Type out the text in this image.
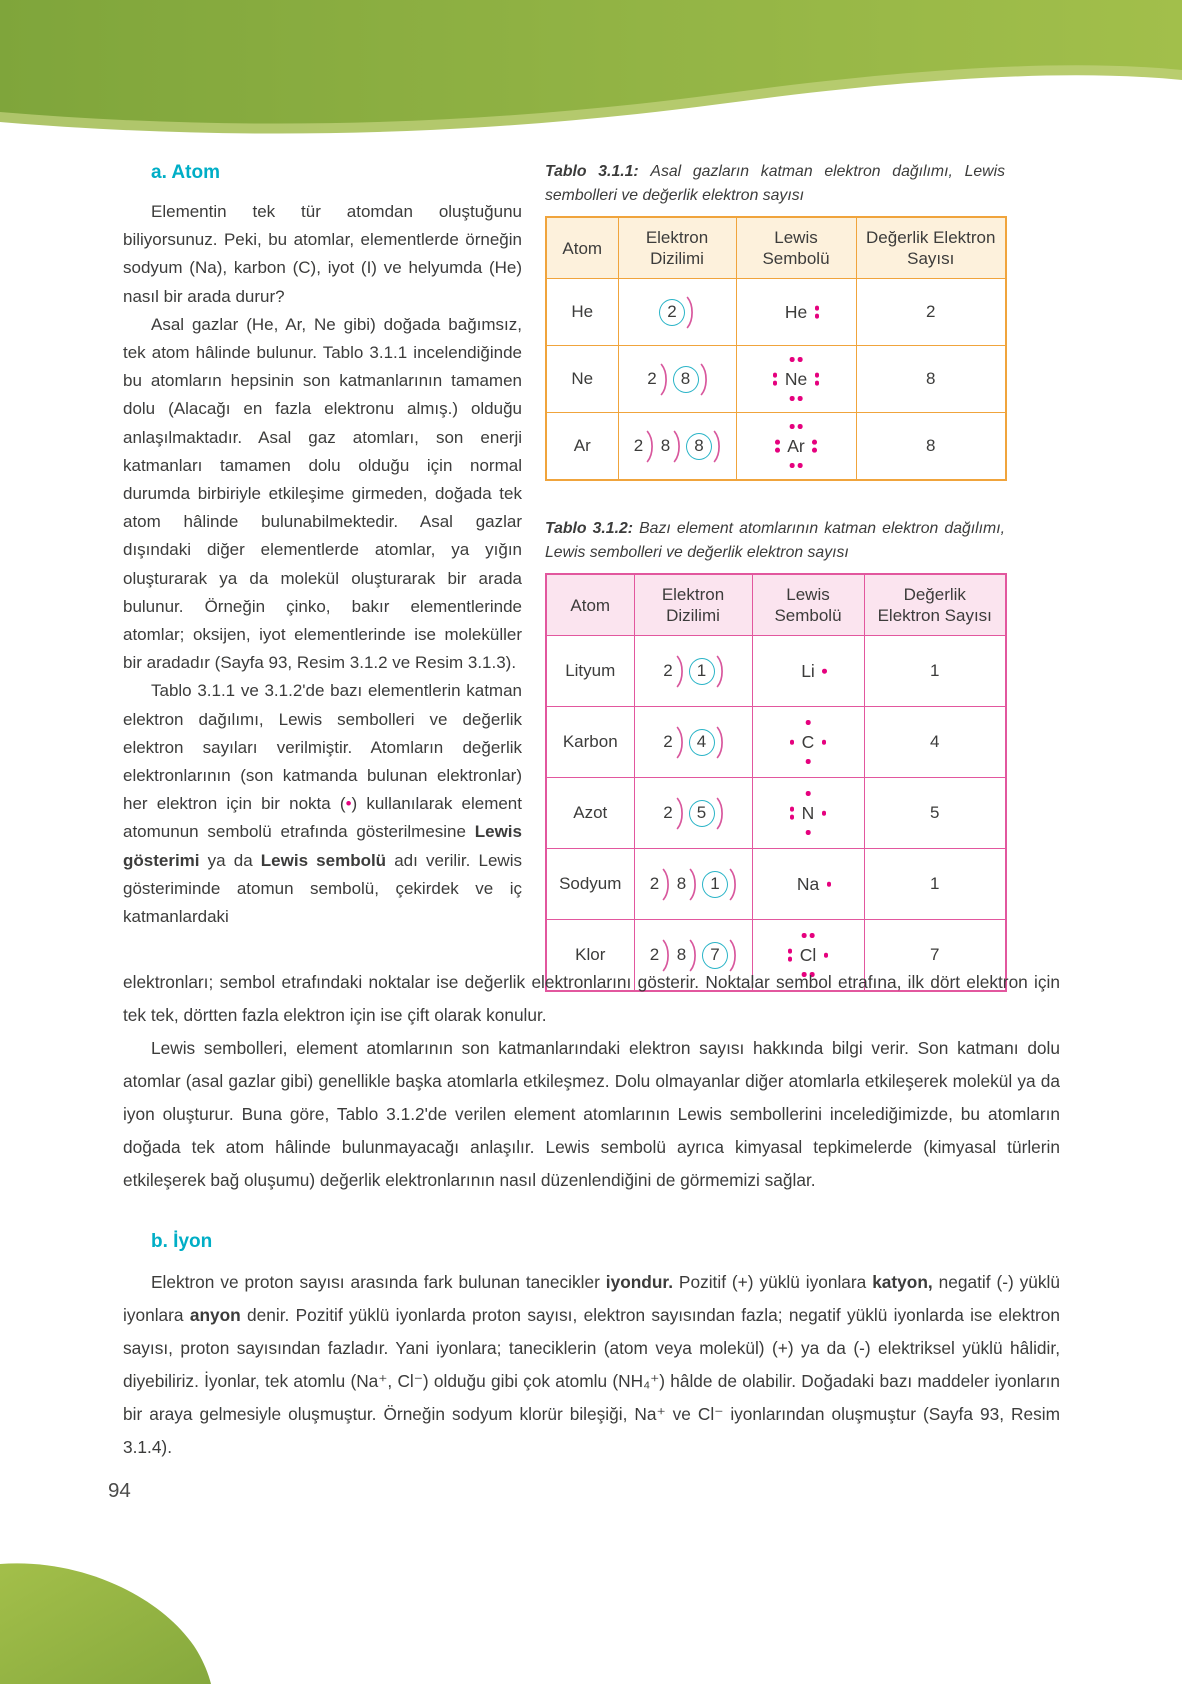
a. Atom

Elementin tek tür atomdan oluştuğunu biliyorsunuz. Peki, bu atomlar, elementlerde örneğin sodyum (Na), karbon (C), iyot (I) ve helyumda (He) nasıl bir arada durur?

Asal gazlar (He, Ar, Ne gibi) doğada bağımsız, tek atom hâlinde bulunur. Tablo 3.1.1 incelendiğinde bu atomların hepsinin son katmanlarının tamamen dolu (Alacağı en fazla elektronu almış.) olduğu anlaşılmaktadır. Asal gaz atomları, son enerji katmanları tamamen dolu olduğu için normal durumda birbiriyle etkileşime girmeden, doğada tek atom hâlinde bulunabilmektedir. Asal gazlar dışındaki diğer elementlerde atomlar, ya yığın oluşturarak ya da molekül oluşturarak bir arada bulunur. Örneğin çinko, bakır elementlerinde atomlar; oksijen, iyot elementlerinde ise moleküller bir aradadır (Sayfa 93, Resim 3.1.2 ve Resim 3.1.3).

Tablo 3.1.1 ve 3.1.2'de bazı elementlerin katman elektron dağılımı, Lewis sembolleri ve değerlik elektron sayıları verilmiştir. Atomların değerlik elektronlarının (son katmanda bulunan elektronlar) her elektron için bir nokta (•) kullanılarak element atomunun sembolü etrafında gösterilmesine Lewis gösterimi ya da Lewis sembolü adı verilir. Lewis gösteriminde atomun sembolü, çekirdek ve iç katmanlardaki

Tablo 3.1.1: Asal gazların katman elektron dağılımı, Lewis sembolleri ve değerlik elektron sayısı
Atom	Elektron Dizilimi	Lewis Sembolü	Değerlik Elektron Sayısı
He	2	He	2
Ne	2 8	Ne	8
Ar	2 8 8	Ar	8
Tablo 3.1.2: Bazı element atomlarının katman elektron dağılımı, Lewis sembolleri ve değerlik elektron sayısı
Atom	Elektron Dizilimi	Lewis Sembolü	Değerlik Elektron Sayısı
Lityum	2 1	Li	1
Karbon	2 4	C	4
Azot	2 5	N	5
Sodyum	2 8 1	Na	1
Klor	2 8 7	Cl	7

elektronları; sembol etrafındaki noktalar ise değerlik elektronlarını gösterir. Noktalar sembol etrafına, ilk dört elektron için tek tek, dörtten fazla elektron için ise çift olarak konulur.

Lewis sembolleri, element atomlarının son katmanlarındaki elektron sayısı hakkında bilgi verir. Son katmanı dolu atomlar (asal gazlar gibi) genellikle başka atomlarla etkileşmez. Dolu olmayanlar diğer atomlarla etkileşerek molekül ya da iyon oluşturur. Buna göre, Tablo 3.1.2'de verilen element atomlarının Lewis sembollerini incelediğimizde, bu atomların doğada tek atom hâlinde bulunmayacağı anlaşılır. Lewis sembolü ayrıca kimyasal tepkimelerde (kimyasal türlerin etkileşerek bağ oluşumu) değerlik elektronlarının nasıl düzenlendiğini de görmemizi sağlar.

b. İyon

Elektron ve proton sayısı arasında fark bulunan tanecikler iyondur. Pozitif (+) yüklü iyonlara katyon, negatif (-) yüklü iyonlara anyon denir. Pozitif yüklü iyonlarda proton sayısı, elektron sayısından fazla; negatif yüklü iyonlarda ise elektron sayısı, proton sayısından fazladır. Yani iyonlara; taneciklerin (atom veya molekül) (+) ya da (-) elektriksel yüklü hâlidir, diyebiliriz. İyonlar, tek atomlu (Na⁺, Cl⁻) olduğu gibi çok atomlu (NH₄⁺) hâlde de olabilir. Doğadaki bazı maddeler iyonların bir araya gelmesiyle oluşmuştur. Örneğin sodyum klorür bileşiği, Na⁺ ve Cl⁻ iyonlarından oluşmuştur (Sayfa 93, Resim 3.1.4).

94
